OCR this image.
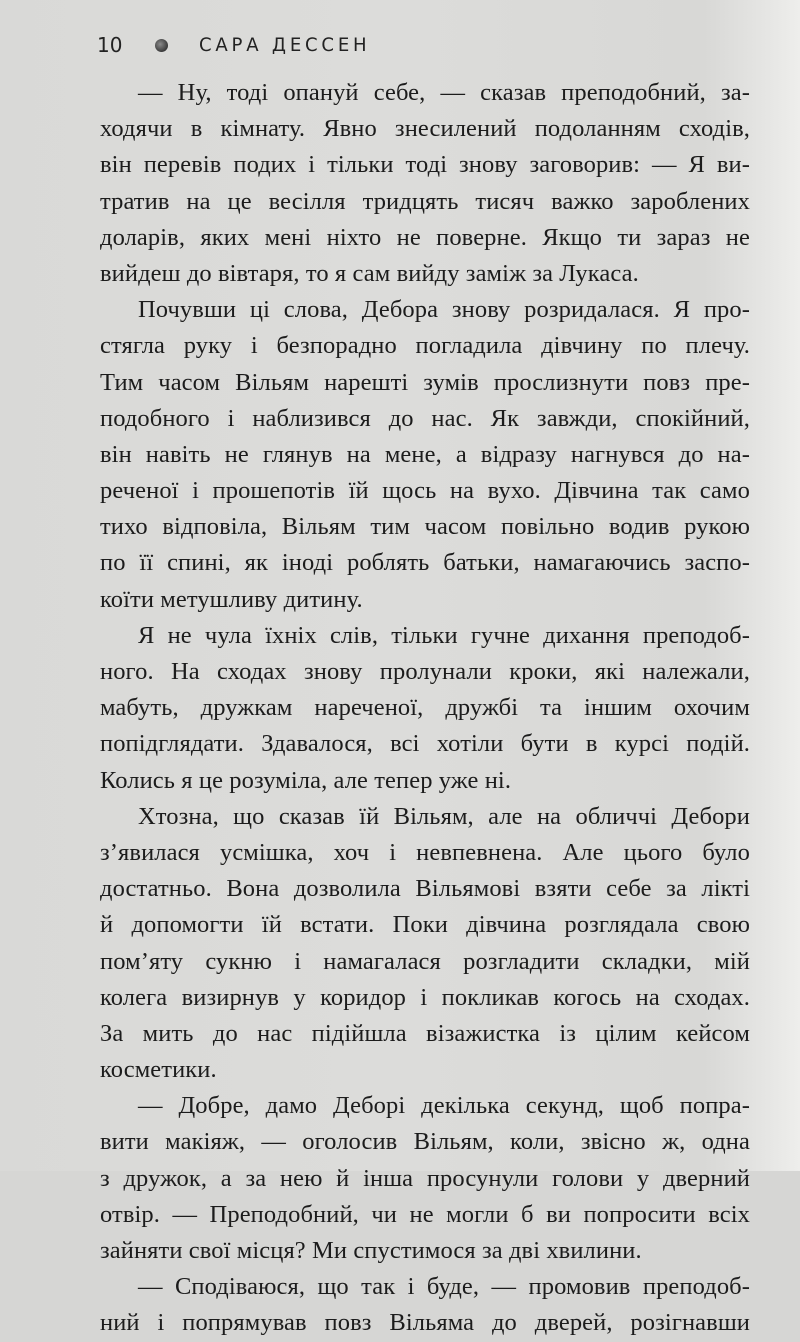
10	САРА ДЕССЕН
— Ну, тоді опануй себе, — сказав преподобний, за-
ходячи в кімнату. Явно знесилений подоланням сходів,
він перевів подих і тільки тоді знову заговорив: — Я ви-
тратив на це весілля тридцять тисяч важко зароблених
доларів, яких мені ніхто не поверне. Якщо ти зараз не
вийдеш до вівтаря, то я сам вийду заміж за Лукаса.
Почувши ці слова, Дебора знову розридалася. Я про-
стягла руку і безпорадно погладила дівчину по плечу.
Тим часом Вільям нарешті зумів прослизнути повз пре-
подобного і наблизився до нас. Як завжди, спокійний,
він навіть не глянув на мене, а відразу нагнувся до на-
реченої і прошепотів їй щось на вухо. Дівчина так само
тихо відповіла, Вільям тим часом повільно водив рукою
по її спині, як іноді роблять батьки, намагаючись заспо-
коїти метушливу дитину.
Я не чула їхніх слів, тільки гучне дихання преподоб-
ного. На сходах знову пролунали кроки, які належали,
мабуть, дружкам нареченої, дружбі та іншим охочим
попідглядати. Здавалося, всі хотіли бути в курсі подій.
Колись я це розуміла, але тепер уже ні.
Хтозна, що сказав їй Вільям, але на обличчі Дебори
з’явилася усмішка, хоч і невпевнена. Але цього було
достатньо. Вона дозволила Вільямові взяти себе за лікті
й допомогти їй встати. Поки дівчина розглядала свою
пом’яту сукню і намагалася розгладити складки, мій
колега визирнув у коридор і покликав когось на сходах.
За мить до нас підійшла візажистка із цілим кейсом
косметики.
— Добре, дамо Деборі декілька секунд, щоб попра-
вити макіяж, — оголосив Вільям, коли, звісно ж, одна
з дружок, а за нею й інша просунули голови у дверний
отвір. — Преподобний, чи не могли б ви попросити всіх
зайняти свої місця? Ми спустимося за дві хвилини.
— Сподіваюся, що так і буде, — промовив преподоб-
ний і попрямував повз Вільяма до дверей, розігнавши
